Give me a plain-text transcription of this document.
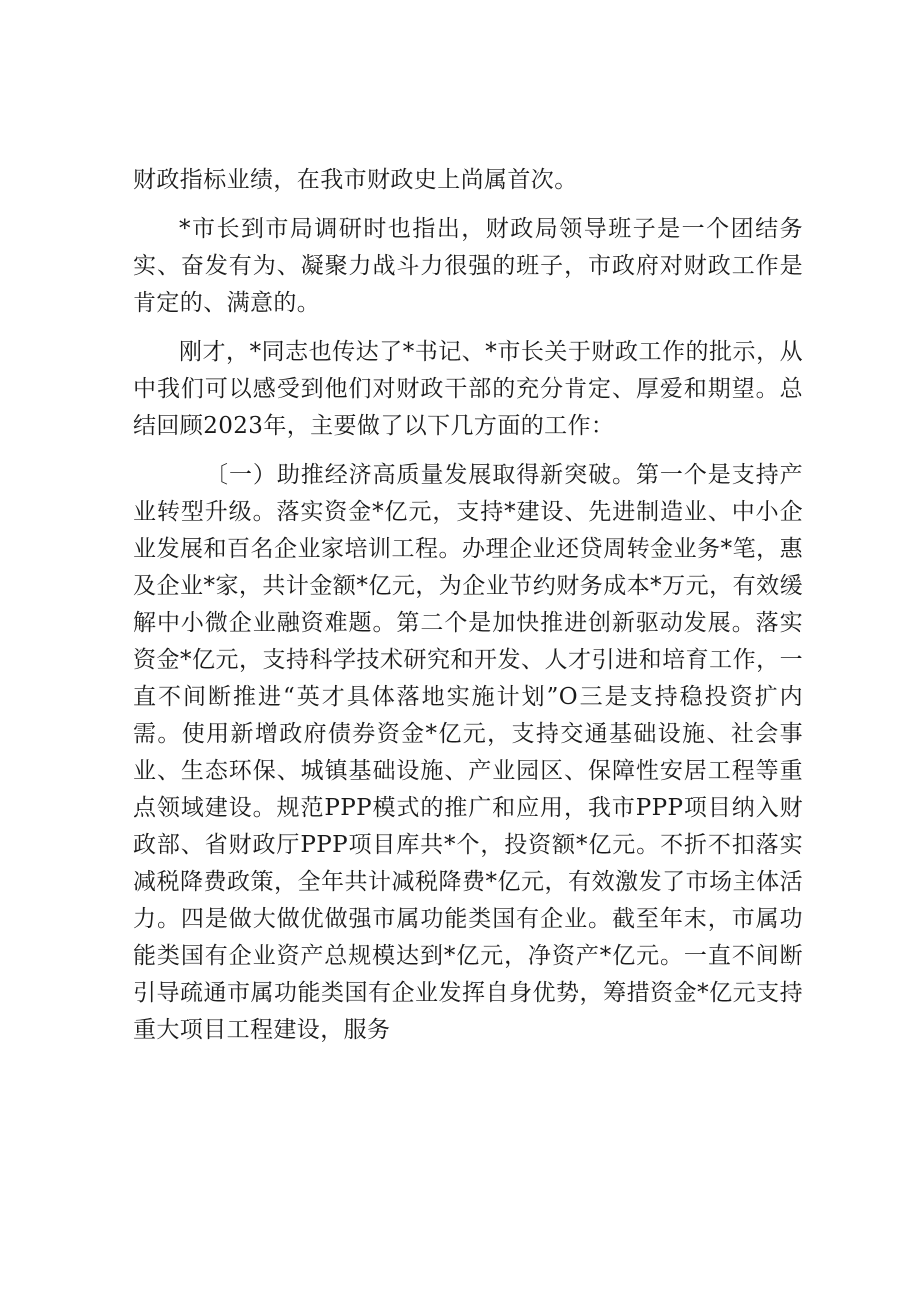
财政指标业绩，在我市财政史上尚属首次。

*市长到市局调研时也指出，财政局领导班子是一个团结务实、奋发有为、凝聚力战斗力很强的班子，市政府对财政工作是肯定的、满意的。

刚才，*同志也传达了*书记、*市长关于财政工作的批示，从中我们可以感受到他们对财政干部的充分肯定、厚爱和期望。总结回顾2023年，主要做了以下几方面的工作：

〔一）助推经济高质量发展取得新突破。第一个是支持产业转型升级。落实资金*亿元，支持*建设、先进制造业、中小企业发展和百名企业家培训工程。办理企业还贷周转金业务*笔，惠及企业*家，共计金额*亿元，为企业节约财务成本*万元，有效缓解中小微企业融资难题。第二个是加快推进创新驱动发展。落实资金*亿元，支持科学技术研究和开发、人才引进和培育工作，一直不间断推进“英才具体落地实施计划”O三是支持稳投资扩内需。使用新增政府债券资金*亿元，支持交通基础设施、社会事业、生态环保、城镇基础设施、产业园区、保障性安居工程等重点领域建设。规范PPP模式的推广和应用，我市PPP项目纳入财政部、省财政厅PPP项目库共*个，投资额*亿元。不折不扣落实减税降费政策，全年共计减税降费*亿元，有效激发了市场主体活力。四是做大做优做强市属功能类国有企业。截至年末，市属功能类国有企业资产总规模达到*亿元，净资产*亿元。一直不间断引导疏通市属功能类国有企业发挥自身优势，筹措资金*亿元支持重大项目工程建设，服务
